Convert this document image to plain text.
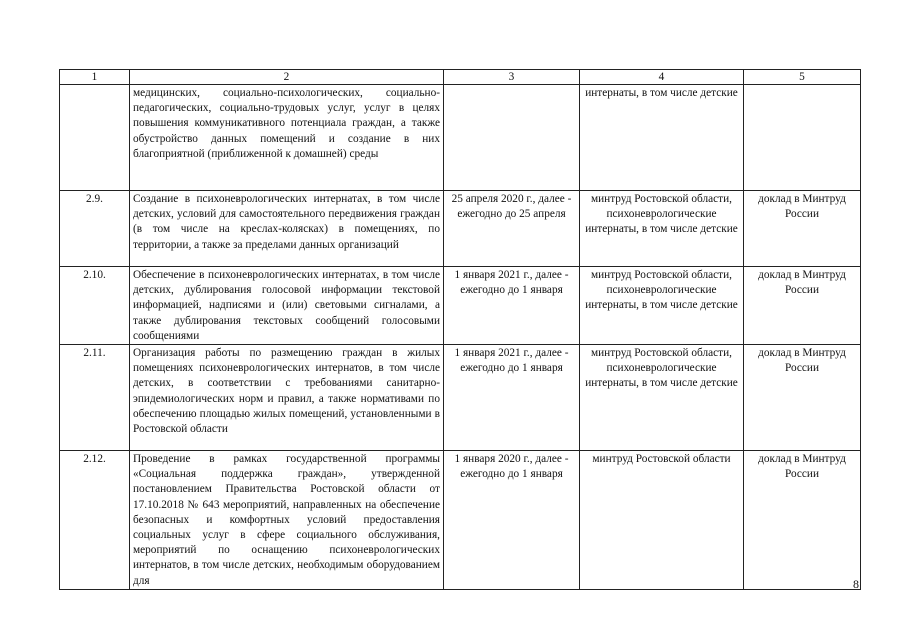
1	2	3	4	5
	медицинских, социально-психологических, социально-педагогических, социально-трудовых услуг, услуг в целях повышения коммуникативного потенциала граждан, а также обустройство данных помещений и создание в них благоприятной (приближенной к домашней) среды		интернаты, в том числе детские	
2.9.	Создание в психоневрологических интернатах, в том числе детских, условий для самостоятельного передвижения граждан (в том числе на креслах-колясках) в помещениях, по территории, а также за пределами данных организаций	25 апреля 2020 г., далее - ежегодно до 25 апреля	минтруд Ростовской области, психоневрологические интернаты, в том числе детские	доклад в Минтруд России
2.10.	Обеспечение в психоневрологических интернатах, в том числе детских, дублирования голосовой информации текстовой информацией, надписями и (или) световыми сигналами, а также дублирования текстовых сообщений голосовыми сообщениями	1 января 2021 г., далее - ежегодно до 1 января	минтруд Ростовской области, психоневрологические интернаты, в том числе детские	доклад в Минтруд России
2.11.	Организация работы по размещению граждан в жилых помещениях психоневрологических интернатов, в том числе детских, в соответствии с требованиями санитарно-эпидемиологических норм и правил, а также нормативами по обеспечению площадью жилых помещений, установленными в Ростовской области	1 января 2021 г., далее - ежегодно до 1 января	минтруд Ростовской области, психоневрологические интернаты, в том числе детские	доклад в Минтруд России
2.12.	Проведение в рамках государственной программы «Социальная поддержка граждан», утвержденной постановлением Правительства Ростовской области от 17.10.2018 № 643 мероприятий, направленных на обеспечение безопасных и комфортных условий предоставления социальных услуг в сфере социального обслуживания, мероприятий по оснащению психоневрологических интернатов, в том числе детских, необходимым оборудованием для	1 января 2020 г., далее - ежегодно до 1 января	минтруд Ростовской области	доклад в Минтруд России
8
